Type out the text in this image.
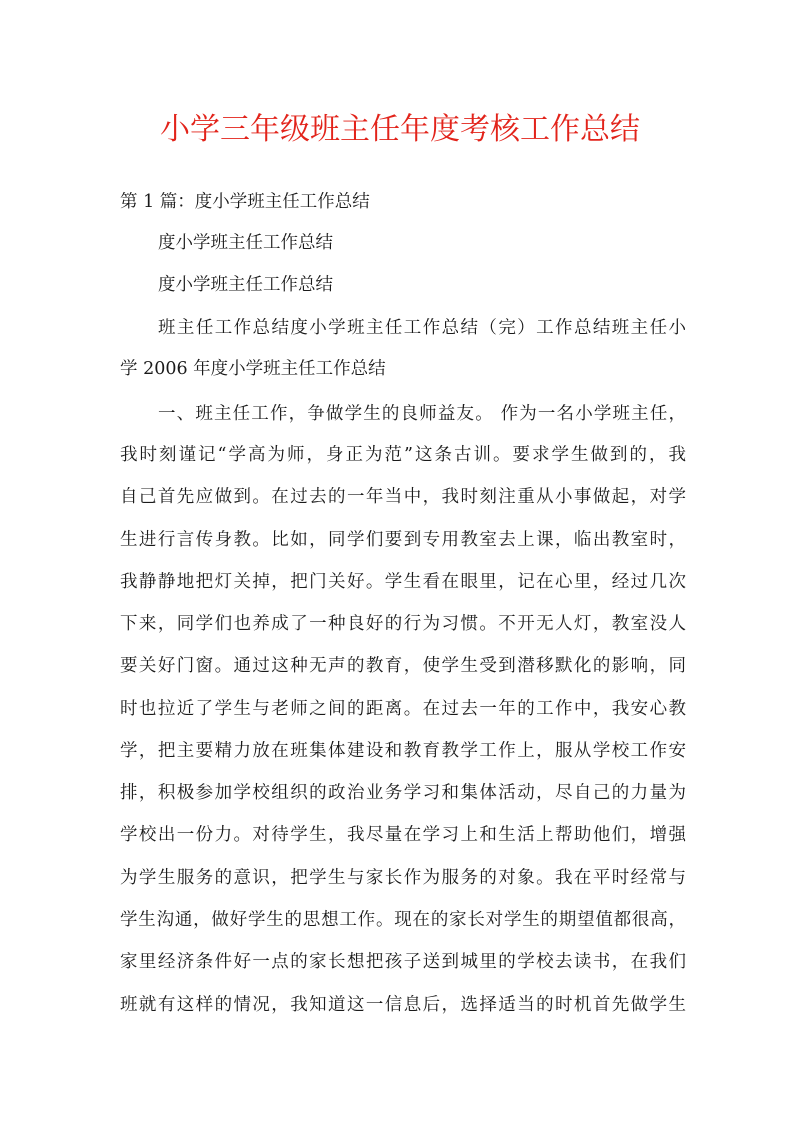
小学三年级班主任年度考核工作总结
第 1 篇：度小学班主任工作总结
度小学班主任工作总结
度小学班主任工作总结
班主任工作总结度小学班主任工作总结（完）工作总结班主任小
学 2006 年度小学班主任工作总结
一、班主任工作，争做学生的良师益友。 作为一名小学班主任，
我时刻谨记“学高为师，身正为范”这条古训。要求学生做到的，我
自己首先应做到。在过去的一年当中，我时刻注重从小事做起，对学
生进行言传身教。比如，同学们要到专用教室去上课，临出教室时，
我静静地把灯关掉，把门关好。学生看在眼里，记在心里，经过几次
下来，同学们也养成了一种良好的行为习惯。不开无人灯，教室没人
要关好门窗。通过这种无声的教育，使学生受到潜移默化的影响，同
时也拉近了学生与老师之间的距离。在过去一年的工作中，我安心教
学，把主要精力放在班集体建设和教育教学工作上，服从学校工作安
排，积极参加学校组织的政治业务学习和集体活动，尽自己的力量为
学校出一份力。对待学生，我尽量在学习上和生活上帮助他们，增强
为学生服务的意识，把学生与家长作为服务的对象。我在平时经常与
学生沟通，做好学生的思想工作。现在的家长对学生的期望值都很高，
家里经济条件好一点的家长想把孩子送到城里的学校去读书，在我们
班就有这样的情况，我知道这一信息后，选择适当的时机首先做学生
